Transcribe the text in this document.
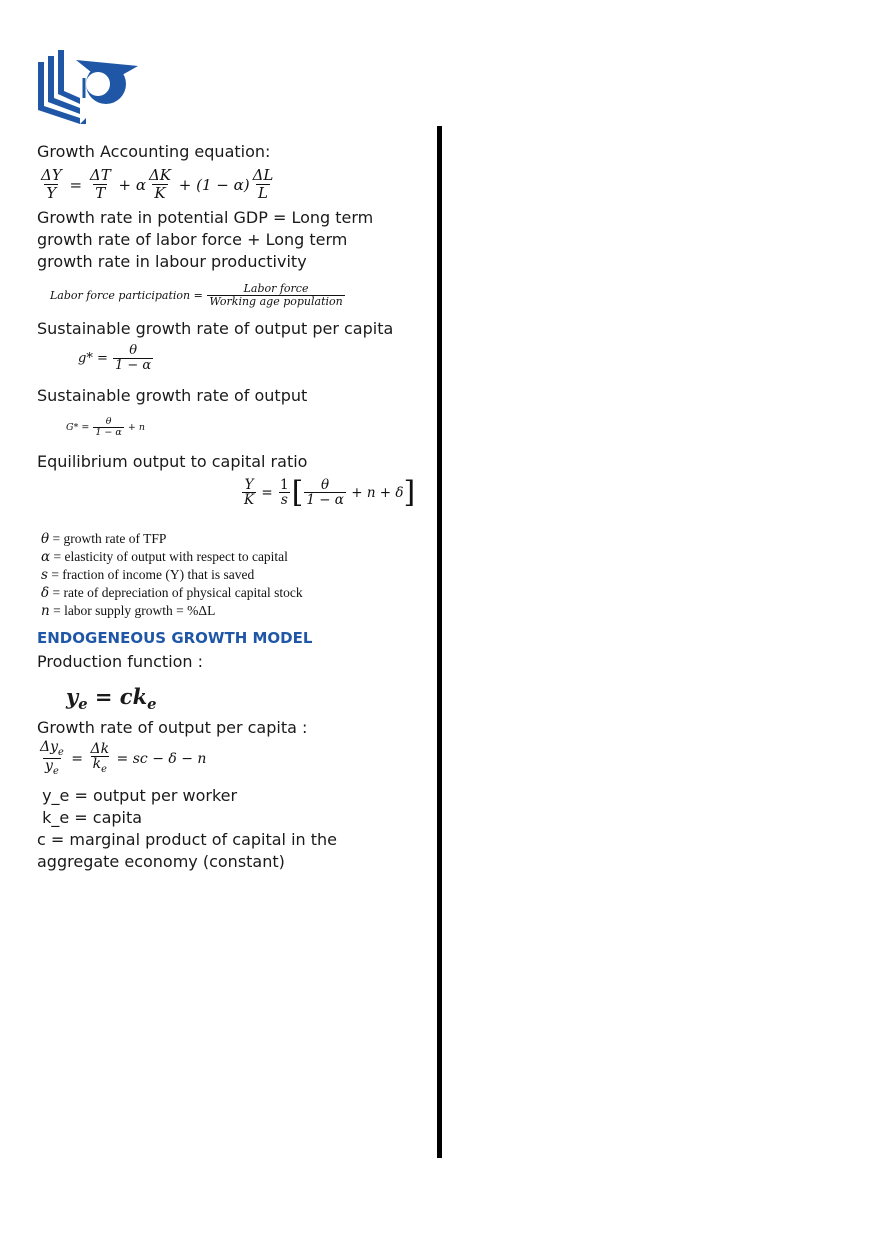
Growth Accounting equation:

$\frac{\Delta Y}{Y} = \frac{\Delta T}{T} + \alpha \frac{\Delta K}{K} + (1 - \alpha) \frac{\Delta L}{L}$

Growth rate in potential GDP = Long term growth rate of labor force + Long term growth rate in labour productivity

Labor force participation =
$\frac{\text{Labor force}}{\text{Working age population}}$

Sustainable growth rate of output per capita

g* =
$\frac{\theta}{1 - \alpha}$

Sustainable growth rate of output

G* =
$\frac{\theta}{1 - \alpha}$
+ n

Equilibrium output to capital ratio

$\frac{Y}{K} = \frac{1}{s}$ [ $\frac{\theta}{1 - \alpha}$
+ n + δ ]
θ = growth rate of TFP
α = elasticity of output with respect to capital
s = fraction of income (Y) that is saved
δ = rate of depreciation of physical capital stock
n = labor supply growth = %ΔL

ENDOGENEOUS GROWTH MODEL

Production function :

$y_e = ck_e$

Growth rate of output per capita :

$\frac{\Delta y_e}{y_e} = \frac{\Delta k}{k_e}$
= sc − δ − n

y_e = output per worker

k_e = capita

c = marginal product of capital in the aggregate economy (constant)
